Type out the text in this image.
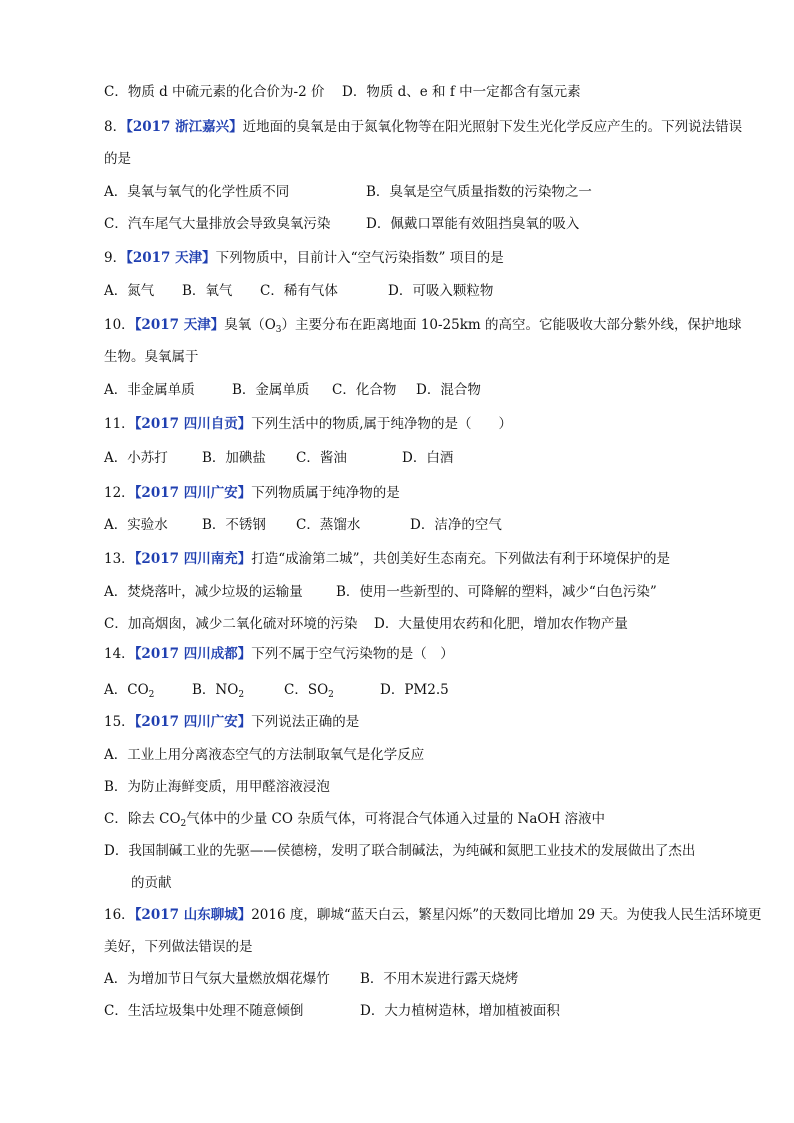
C．物质 d 中硫元素的化合价为-2 价 D．物质 d、e 和 f 中一定都含有氢元素
8．【2017 浙江嘉兴】近地面的臭氧是由于氮氧化物等在阳光照射下发生光化学反应产生的。下列说法错误
的是
A．臭氧与氧气的化学性质不同	B．臭氧是空气质量指数的污染物之一
C．汽车尾气大量排放会导致臭氧污染	D．佩戴口罩能有效阻挡臭氧的吸入
9．【2017 天津】下列物质中，目前计入“空气污染指数” 项目的是
A．氮气 B．氧气 C．稀有气体	D．可吸入颗粒物
10．【2017 天津】臭氧$(O_3)$主要分布在距离地面 10-25km 的高空。它能吸收大部分紫外线，保护地球
生物。臭氧属于
A．非金属单质	B．金属单质 C．化合物 D．混合物
11．【2017 四川自贡】下列生活中的物质,属于纯净物的是（　　）
A．小苏打	B．加碘盐 C．酱油	D．白酒
12．【2017 四川广安】下列物质属于纯净物的是
A．实验水	B．不锈钢 C．蒸馏水	D．洁净的空气
13．【2017 四川南充】打造“成渝第二城”，共创美好生态南充。下列做法有利于环境保护的是
A．焚烧落叶，减少垃圾的运输量 B．使用一些新型的、可降解的塑料，减少“白色污染”
C．加高烟囱，减少二氧化硫对环境的污染 D．大量使用农药和化肥，增加农作物产量
14．【2017 四川成都】下列不属于空气污染物的是（　）
A．$CO_2$	B．$NO_2$	C．$SO_2$	D．PM2.5
15．【2017 四川广安】下列说法正确的是
A．工业上用分离液态空气的方法制取氧气是化学反应
B．为防止海鲜变质，用甲醛溶液浸泡
C．除去 $CO_2$气体中的少量 CO 杂质气体，可将混合气体通入过量的 NaOH 溶液中
D．我国制碱工业的先驱——侯德榜，发明了联合制碱法，为纯碱和氮肥工业技术的发展做出了杰出
的贡献
16．【2017 山东聊城】2016 度，聊城“蓝天白云，繁星闪烁”的天数同比增加 29 天。为使我人民生活环境更
美好，下列做法错误的是
A．为增加节日气氛大量燃放烟花爆竹 B．不用木炭进行露天烧烤
C．生活垃圾集中处理不随意倾倒	D．大力植树造林，增加植被面积
